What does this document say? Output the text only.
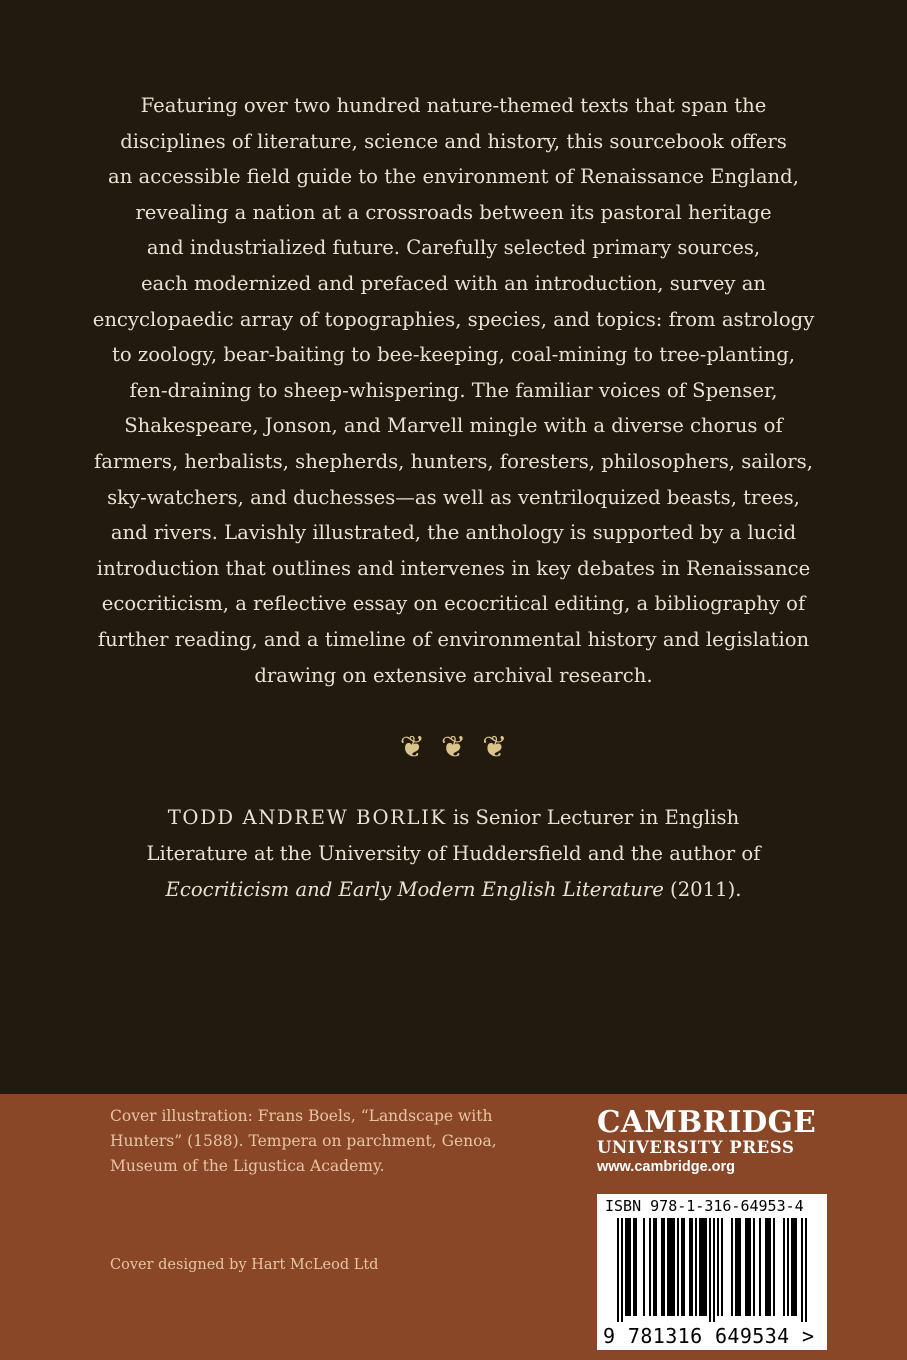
Featuring over two hundred nature-themed texts that span the
disciplines of literature, science and history, this sourcebook offers
an accessible field guide to the environment of Renaissance England,
revealing a nation at a crossroads between its pastoral heritage
and industrialized future. Carefully selected primary sources,
each modernized and prefaced with an introduction, survey an
encyclopaedic array of topographies, species, and topics: from astrology
to zoology, bear-baiting to bee-keeping, coal-mining to tree-planting,
fen-draining to sheep-whispering. The familiar voices of Spenser,
Shakespeare, Jonson, and Marvell mingle with a diverse chorus of
farmers, herbalists, shepherds, hunters, foresters, philosophers, sailors,
sky-watchers, and duchesses—as well as ventriloquized beasts, trees,
and rivers. Lavishly illustrated, the anthology is supported by a lucid
introduction that outlines and intervenes in key debates in Renaissance
ecocriticism, a reflective essay on ecocritical editing, a bibliography of
further reading, and a timeline of environmental history and legislation
drawing on extensive archival research.
❦ ❦ ❦
TODD ANDREW BORLIK is Senior Lecturer in English
Literature at the University of Huddersfield and the author of
Ecocriticism and Early Modern English Literature (2011).
Cover illustration: Frans Boels, “Landscape with
Hunters” (1588). Tempera on parchment, Genoa,
Museum of the Ligustica Academy.
Cover designed by Hart McLeod Ltd
CAMBRIDGE
UNIVERSITY PRESS
www.cambridge.org
ISBN 978-1-316-64953-4
9 781316 649534 >
